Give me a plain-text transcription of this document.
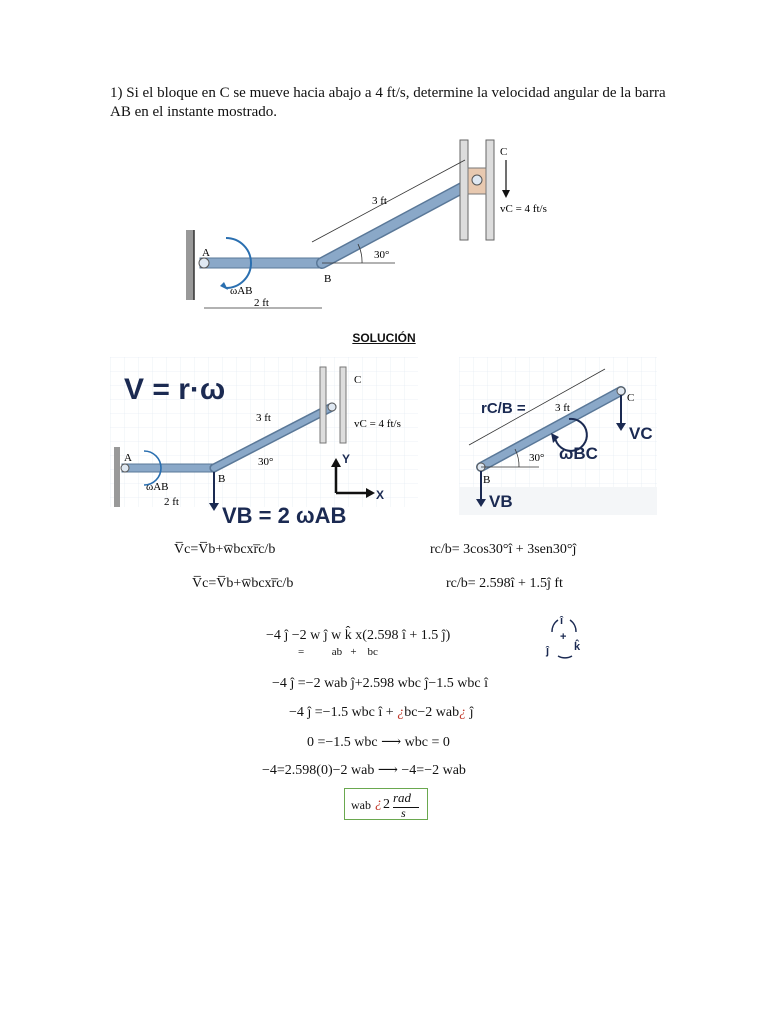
1) Si el bloque en C se mueve hacia abajo a 4 ft/s, determine la velocidad angular de la barra AB en el instante mostrado.
A
B
C
ωAB
3 ft
2 ft
30°
vC = 4 ft/s
SOLUCIÓN
V = r·ω
A
B
C
ωAB
3 ft
2 ft
30°
vC = 4 ft/s
VB = 2 ωAB
Y
X
rC/B =	3 ft
30°
B
C
ωBC
VC
VB
V̅c=V̅b+w̅bcxr̅c/b	rc/b= 3cos30°î + 3sen30°ĵ
V̅c=V̅b+w̅bcxr̅c/b	rc/b= 2.598î + 1.5ĵ ft
−4 ĵ −2 w ĵ w k̂ x(2.598 î + 1.5 ĵ)
=          ab   +    bc
î
ĵ k̂
+
−4 ĵ =−2 wab ĵ+2.598 wbc ĵ−1.5 wbc î
−4 ĵ =−1.5 wbc î + ¿bc−2 wab¿ ĵ
0 =−1.5 wbc ⟶ wbc = 0
−4=2.598(0)−2 wab ⟶ −4=−2 wab
wab ¿ 2 rad
s
